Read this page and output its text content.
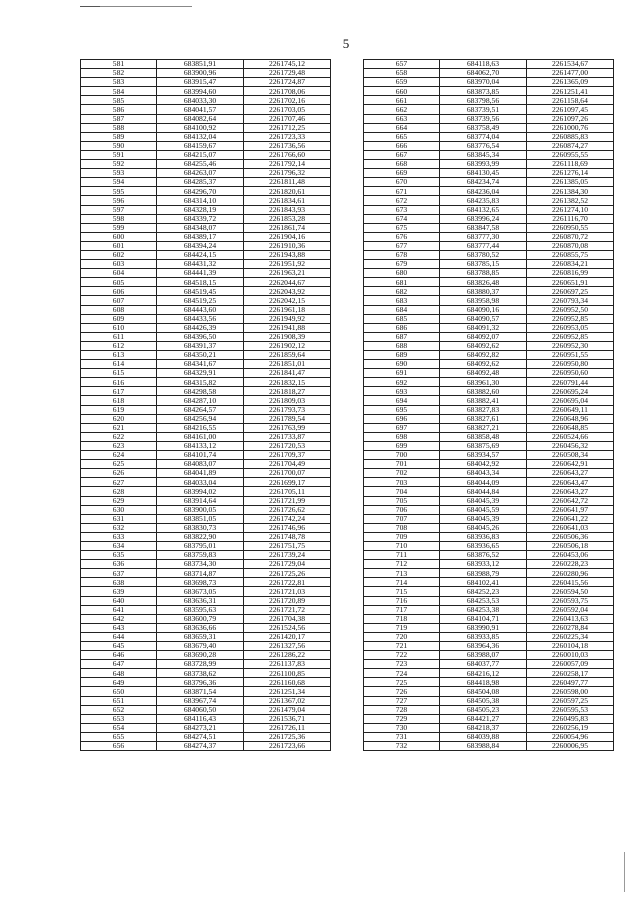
5
581	683851,91	2261745,12
582	683900,96	2261729,48
583	683915,47	2261724,87
584	683994,60	2261708,06
585	684033,30	2261702,16
586	684041,57	2261703,05
587	684082,64	2261707,46
588	684100,92	2261712,25
589	684132,04	2261723,33
590	684159,67	2261736,56
591	684215,07	2261766,60
592	684255,46	2261792,14
593	684263,07	2261796,32
594	684285,37	2261811,48
595	684296,70	2261820,61
596	684314,10	2261834,61
597	684328,19	2261843,93
598	684339,72	2261853,28
599	684348,07	2261861,74
600	684389,17	2261904,16
601	684394,24	2261910,36
602	684424,15	2261943,88
603	684431,32	2261951,92
604	684441,39	2261963,21
605	684518,15	2262044,67
606	684519,45	2262043,92
607	684519,25	2262042,15
608	684443,60	2261961,18
609	684433,56	2261949,92
610	684426,39	2261941,88
611	684396,50	2261908,39
612	684391,37	2261902,12
613	684350,21	2261859,64
614	684341,67	2261851,01
615	684329,91	2261841,47
616	684315,82	2261832,15
617	684298,58	2261818,27
618	684287,10	2261809,03
619	684264,57	2261793,73
620	684256,94	2261789,54
621	684216,55	2261763,99
622	684161,00	2261733,87
623	684133,12	2261720,53
624	684101,74	2261709,37
625	684083,07	2261704,49
626	684041,89	2261700,07
627	684033,04	2261699,17
628	683994,02	2261705,11
629	683914,64	2261721,99
630	683900,05	2261726,62
631	683851,05	2261742,24
632	683830,73	2261746,96
633	683822,90	2261748,78
634	683795,01	2261751,75
635	683759,83	2261739,24
636	683734,30	2261729,04
637	683714,87	2261725,26
638	683698,73	2261722,81
639	683673,05	2261721,03
640	683636,31	2261720,89
641	683595,63	2261721,72
642	683600,79	2261704,38
643	683636,66	2261524,56
644	683659,31	2261420,17
645	683679,40	2261327,56
646	683690,28	2261286,22
647	683728,99	2261137,83
648	683738,62	2261100,85
649	683796,36	2261160,68
650	683871,54	2261251,34
651	683967,74	2261367,02
652	684060,50	2261479,04
653	684116,43	2261536,71
654	684273,21	2261726,11
655	684274,51	2261725,36
656	684274,37	2261723,66
657	684118,63	2261534,67
658	684062,70	2261477,00
659	683970,04	2261365,09
660	683873,85	2261251,41
661	683798,56	2261158,64
662	683739,51	2261097,45
663	683739,56	2261097,26
664	683758,49	2261000,76
665	683774,04	2260885,83
666	683776,54	2260874,27
667	683845,34	2260955,55
668	683993,99	2261118,69
669	684130,45	2261276,14
670	684234,74	2261385,05
671	684236,04	2261384,30
672	684235,83	2261382,52
673	684132,65	2261274,10
674	683996,24	2261116,70
675	683847,58	2260950,55
676	683777,30	2260870,72
677	683777,44	2260870,08
678	683780,52	2260855,75
679	683785,15	2260834,21
680	683788,85	2260816,99
681	683826,48	2260651,91
682	683880,37	2260697,25
683	683958,98	2260793,34
684	684090,16	2260952,50
685	684090,57	2260952,85
686	684091,32	2260953,05
687	684092,07	2260952,85
688	684092,62	2260952,30
689	684092,82	2260951,55
690	684092,62	2260950,80
691	684092,48	2260950,60
692	683961,30	2260791,44
693	683882,60	2260695,24
694	683882,41	2260695,04
695	683827,83	2260649,11
696	683827,61	2260648,96
697	683827,21	2260648,85
698	683858,48	2260524,66
699	683875,69	2260456,32
700	683934,57	2260508,34
701	684042,92	2260642,91
702	684043,34	2260643,27
703	684044,09	2260643,47
704	684044,84	2260643,27
705	684045,39	2260642,72
706	684045,59	2260641,97
707	684045,39	2260641,22
708	684045,26	2260641,03
709	683936,83	2260506,36
710	683936,65	2260506,18
711	683876,52	2260453,06
712	683933,12	2260228,23
713	683988,79	2260280,96
714	684102,41	2260415,56
715	684252,23	2260594,50
716	684253,53	2260593,75
717	684253,38	2260592,04
718	684104,71	2260413,63
719	683990,91	2260278,84
720	683933,85	2260225,34
721	683964,36	2260104,18
722	683988,07	2260010,03
723	684037,77	2260057,09
724	684216,12	2260258,17
725	684418,98	2260497,77
726	684504,08	2260598,00
727	684505,38	2260597,25
728	684505,23	2260595,53
729	684421,27	2260495,83
730	684218,37	2260256,19
731	684039,88	2260054,96
732	683988,84	2260006,95
